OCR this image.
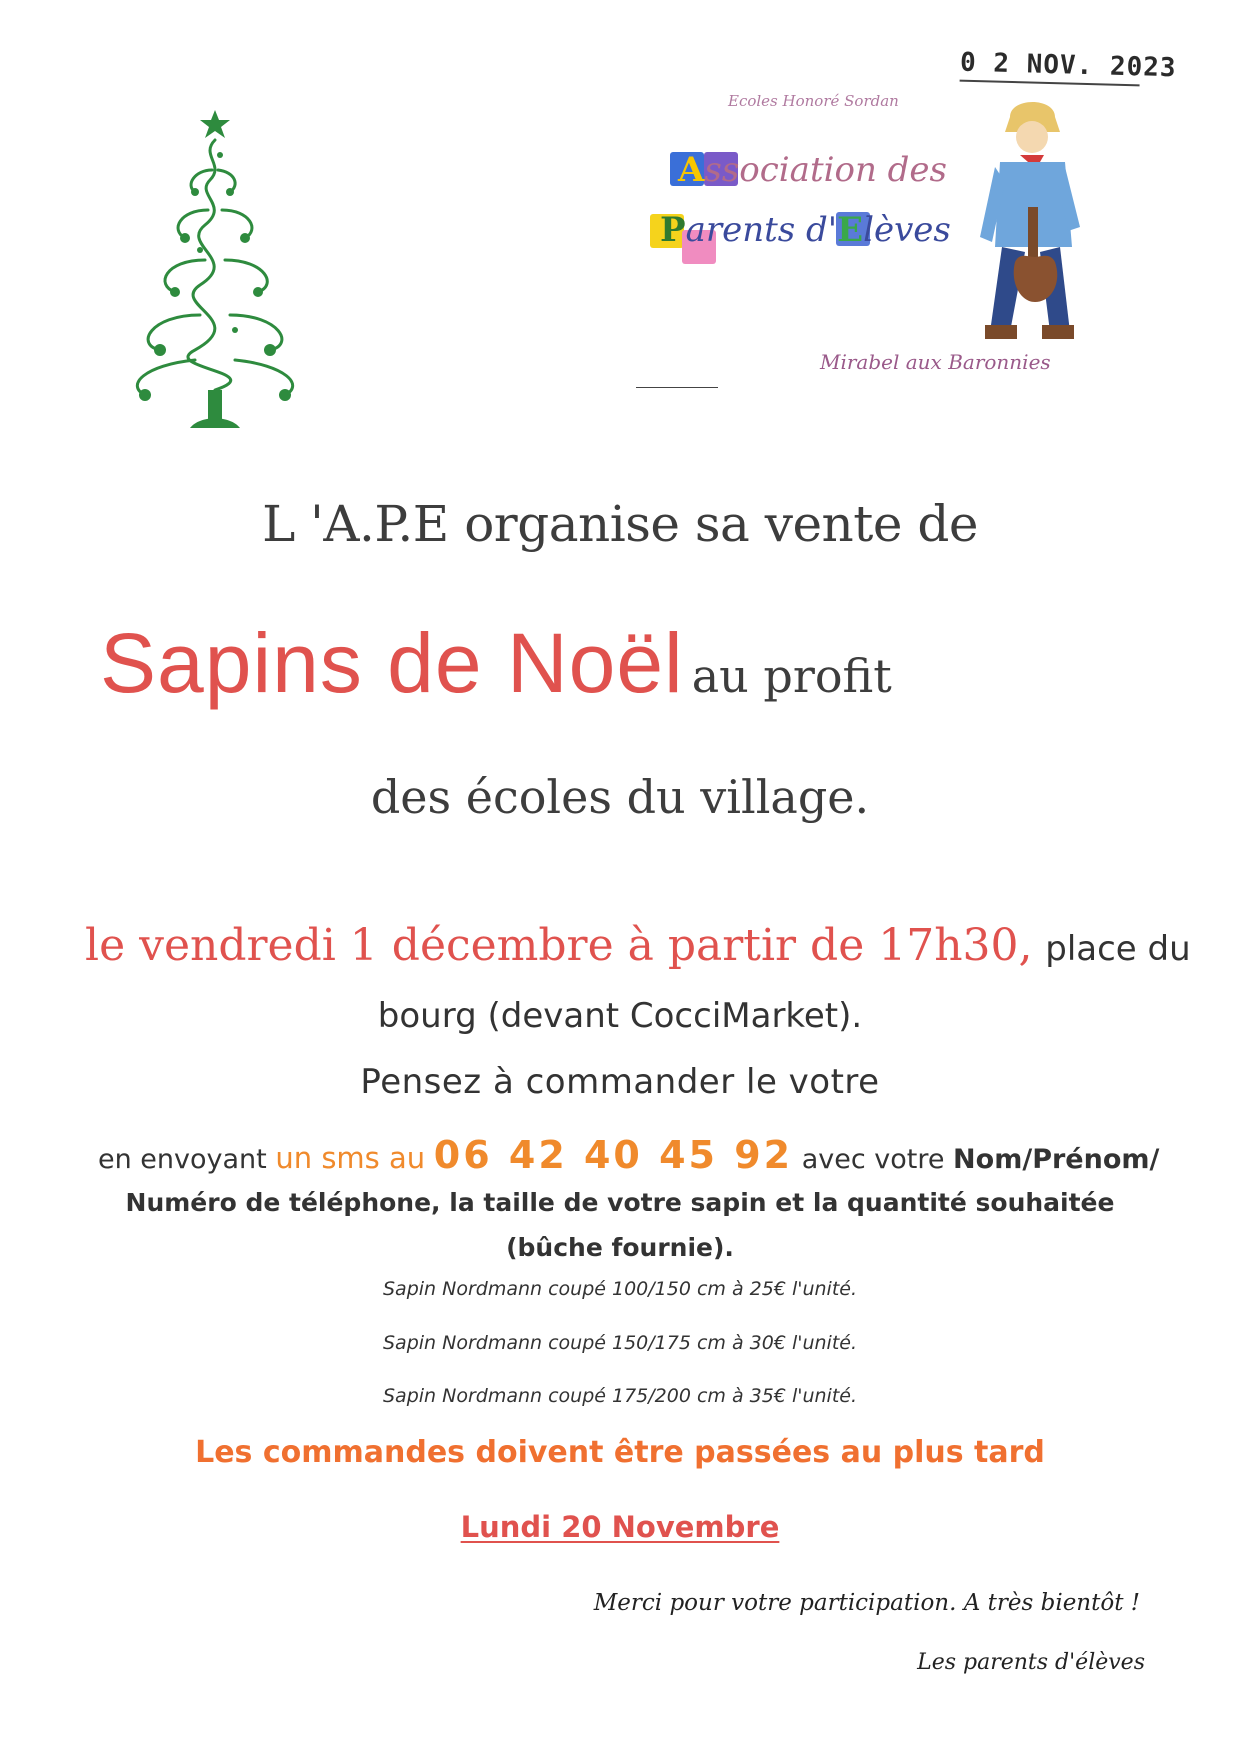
0 2 NOV. 2023
Ecoles Honoré Sordan
Association des
Parents d'Elèves
Mirabel aux Baronnies
L 'A.P.E organise sa vente de
Sapins de Noël au profit
des écoles du village.
le vendredi 1 décembre à partir de 17h30, place du
bourg (devant CocciMarket).
Pensez à commander le votre
en envoyant un sms au 06 42 40 45 92 avec votre Nom/Prénom/
Numéro de téléphone, la taille de votre sapin et la quantité souhaitée
(bûche fournie).
Sapin Nordmann coupé 100/150 cm à 25€ l'unité.
Sapin Nordmann coupé 150/175 cm à 30€ l'unité.
Sapin Nordmann coupé 175/200 cm à 35€ l'unité.
Les commandes doivent être passées au plus tard
Lundi 20 Novembre
Merci pour votre participation. A très bientôt !
Les parents d'élèves
